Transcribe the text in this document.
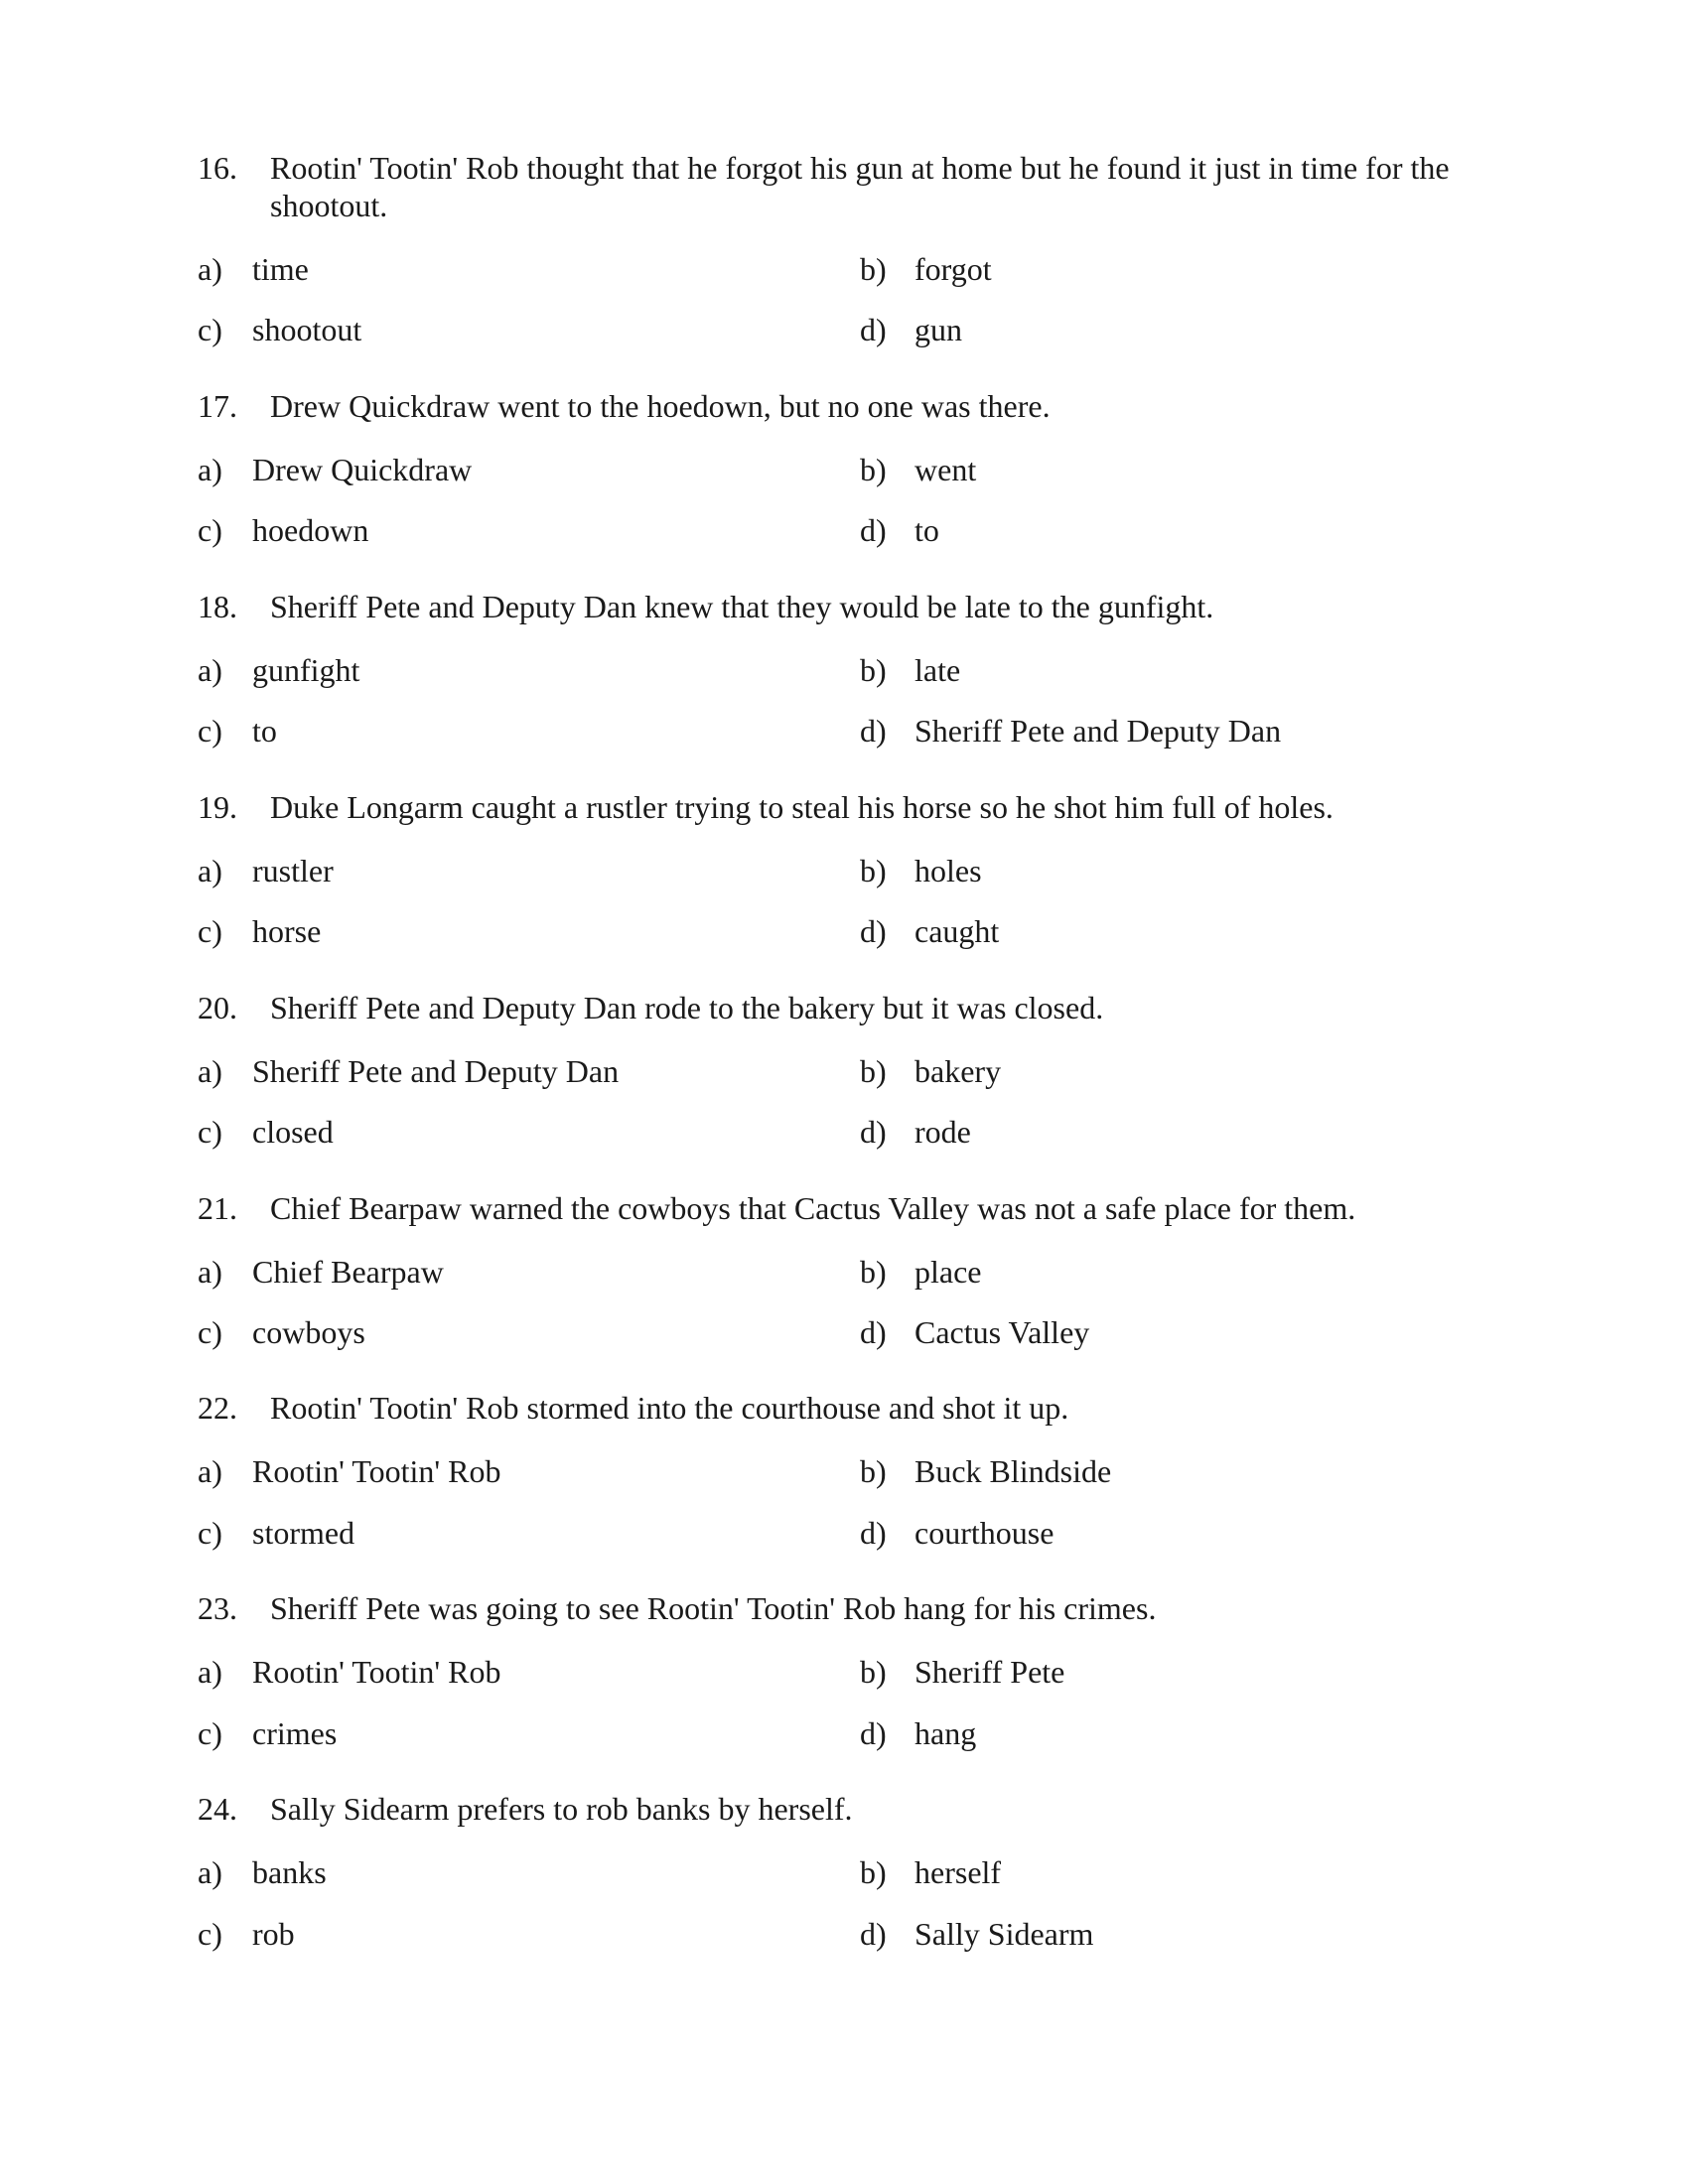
16. Rootin' Tootin' Rob thought that he forgot his gun at home but he found it just in time for the shootout.
a) time	b) forgot
c) shootout	d) gun
17. Drew Quickdraw went to the hoedown, but no one was there.
a) Drew Quickdraw	b) went
c) hoedown	d) to
18. Sheriff Pete and Deputy Dan knew that they would be late to the gunfight.
a) gunfight	b) late
c) to	d) Sheriff Pete and Deputy Dan
19. Duke Longarm caught a rustler trying to steal his horse so he shot him full of holes.
a) rustler	b) holes
c) horse	d) caught
20. Sheriff Pete and Deputy Dan rode to the bakery but it was closed.
a) Sheriff Pete and Deputy Dan	b) bakery
c) closed	d) rode
21. Chief Bearpaw warned the cowboys that Cactus Valley was not a safe place for them.
a) Chief Bearpaw	b) place
c) cowboys	d) Cactus Valley
22. Rootin' Tootin' Rob stormed into the courthouse and shot it up.
a) Rootin' Tootin' Rob	b) Buck Blindside
c) stormed	d) courthouse
23. Sheriff Pete was going to see Rootin' Tootin' Rob hang for his crimes.
a) Rootin' Tootin' Rob	b) Sheriff Pete
c) crimes	d) hang
24. Sally Sidearm prefers to rob banks by herself.
a) banks	b) herself
c) rob	d) Sally Sidearm
